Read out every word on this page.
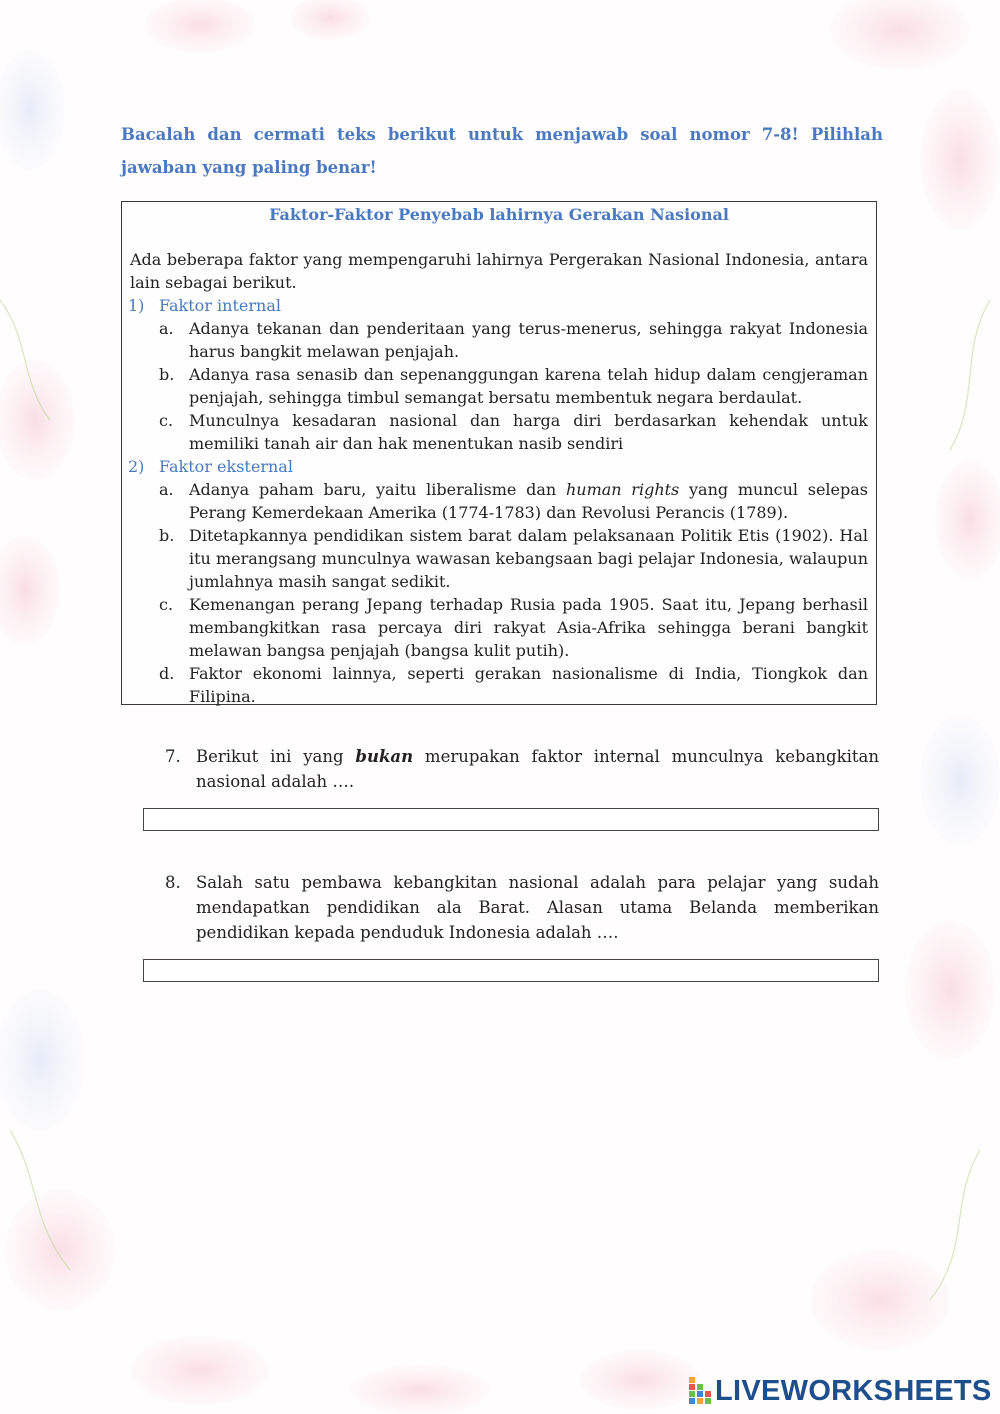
Bacalah dan cermati teks berikut untuk menjawab soal nomor 7-8! Pilihlah jawaban yang paling benar!
Faktor-Faktor Penyebab lahirnya Gerakan Nasional
Ada beberapa faktor yang mempengaruhi lahirnya Pergerakan Nasional Indonesia, antara lain sebagai berikut.
1) Faktor internal
a. Adanya tekanan dan penderitaan yang terus-menerus, sehingga rakyat Indonesia harus bangkit melawan penjajah.
b. Adanya rasa senasib dan sepenanggungan karena telah hidup dalam cengjeraman penjajah, sehingga timbul semangat bersatu membentuk negara berdaulat.
c. Munculnya kesadaran nasional dan harga diri berdasarkan kehendak untuk memiliki tanah air dan hak menentukan nasib sendiri
2) Faktor eksternal
a. Adanya paham baru, yaitu liberalisme dan human rights yang muncul selepas Perang Kemerdekaan Amerika (1774-1783) dan Revolusi Perancis (1789).
b. Ditetapkannya pendidikan sistem barat dalam pelaksanaan Politik Etis (1902). Hal itu merangsang munculnya wawasan kebangsaan bagi pelajar Indonesia, walaupun jumlahnya masih sangat sedikit.
c. Kemenangan perang Jepang terhadap Rusia pada 1905. Saat itu, Jepang berhasil membangkitkan rasa percaya diri rakyat Asia-Afrika sehingga berani bangkit melawan bangsa penjajah (bangsa kulit putih).
d. Faktor ekonomi lainnya, seperti gerakan nasionalisme di India, Tiongkok dan Filipina.
7. Berikut ini yang bukan merupakan faktor internal munculnya kebangkitan nasional adalah ….
8. Salah satu pembawa kebangkitan nasional adalah para pelajar yang sudah mendapatkan pendidikan ala Barat. Alasan utama Belanda memberikan pendidikan kepada penduduk Indonesia adalah ….
LIVEWORKSHEETS
